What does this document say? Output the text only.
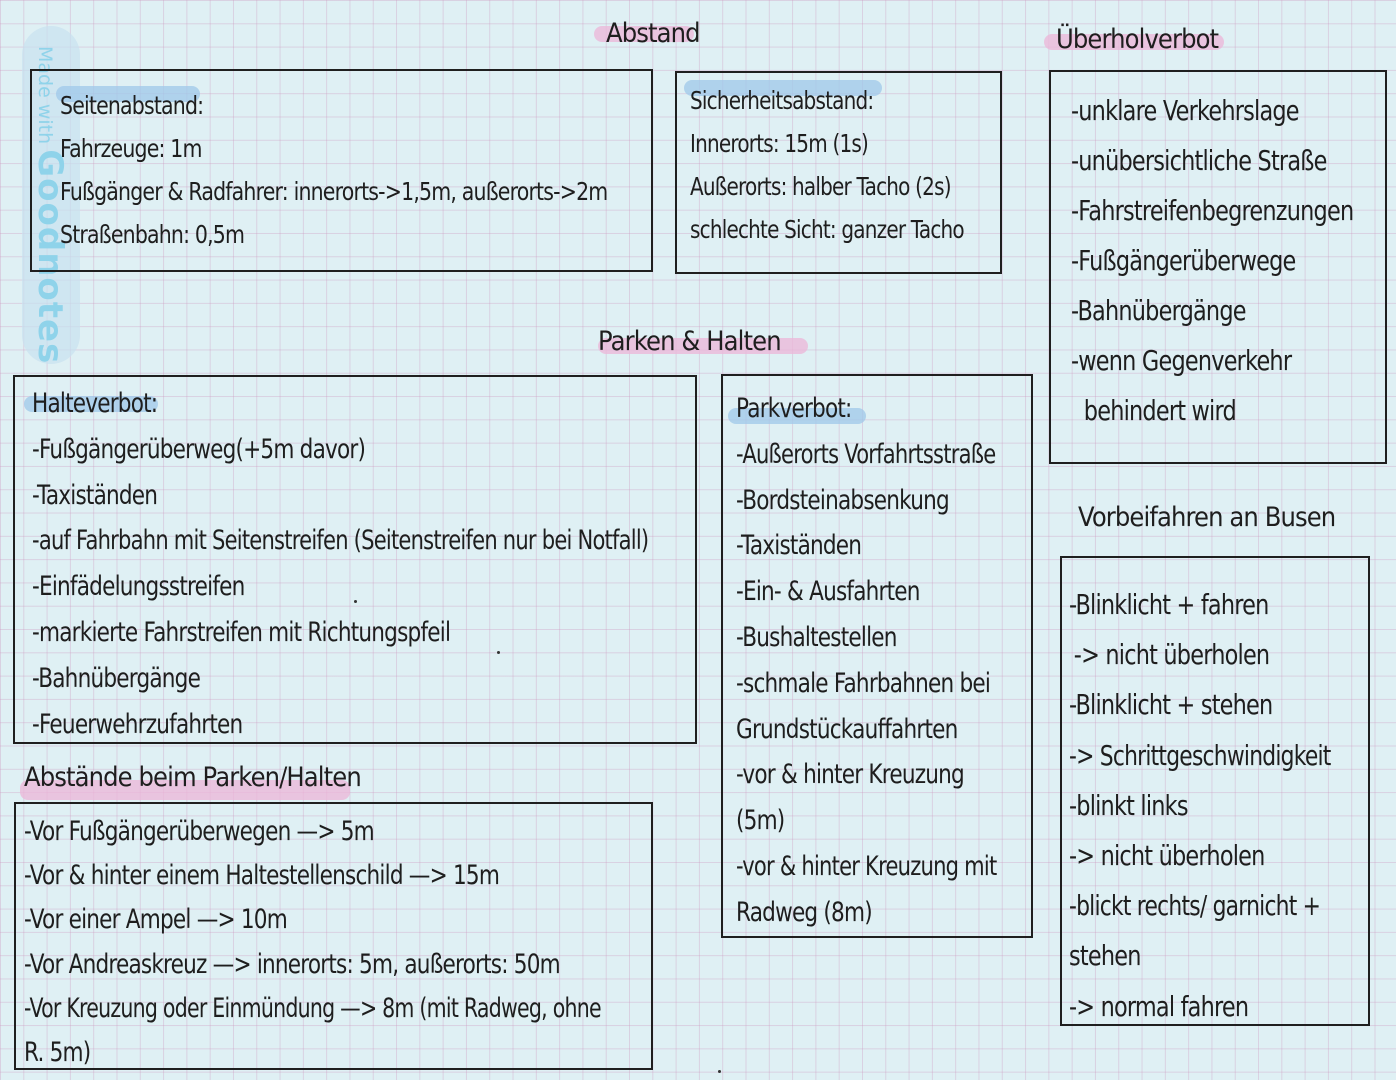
Made with Goodnotes
Abstand
Seitenabstand:
Fahrzeuge: 1m
Fußgänger & Radfahrer: innerorts->1,5m, außerorts->2m
Straßenbahn: 0,5m
Sicherheitsabstand:
Innerorts: 15m (1s)
Außerorts: halber Tacho (2s)
schlechte Sicht: ganzer Tacho
Überholverbot
-unklare Verkehrslage
-unübersichtliche Straße
-Fahrstreifenbegrenzungen
-Fußgängerüberwege
-Bahnübergänge
-wenn Gegenverkehr
behindert wird
Parken & Halten
Halteverbot:
-Fußgängerüberweg(+5m davor)
-Taxiständen
-auf Fahrbahn mit Seitenstreifen (Seitenstreifen nur bei Notfall)
-Einfädelungsstreifen
-markierte Fahrstreifen mit Richtungspfeil
-Bahnübergänge
-Feuerwehrzufahrten
Parkverbot:
-Außerorts Vorfahrtsstraße
-Bordsteinabsenkung
-Taxiständen
-Ein- & Ausfahrten
-Bushaltestellen
-schmale Fahrbahnen bei
Grundstückauffahrten
-vor & hinter Kreuzung
(5m)
-vor & hinter Kreuzung mit
Radweg (8m)
Vorbeifahren an Busen
-Blinklicht + fahren
-> nicht überholen
-Blinklicht + stehen
-> Schrittgeschwindigkeit
-blinkt links
-> nicht überholen
-blickt rechts/ garnicht +
stehen
-> normal fahren
Abstände beim Parken/Halten
-Vor Fußgängerüberwegen —> 5m
-Vor & hinter einem Haltestellenschild —> 15m
-Vor einer Ampel —> 10m
-Vor Andreaskreuz —> innerorts: 5m, außerorts: 50m
-Vor Kreuzung oder Einmündung —> 8m (mit Radweg, ohne
R. 5m)
